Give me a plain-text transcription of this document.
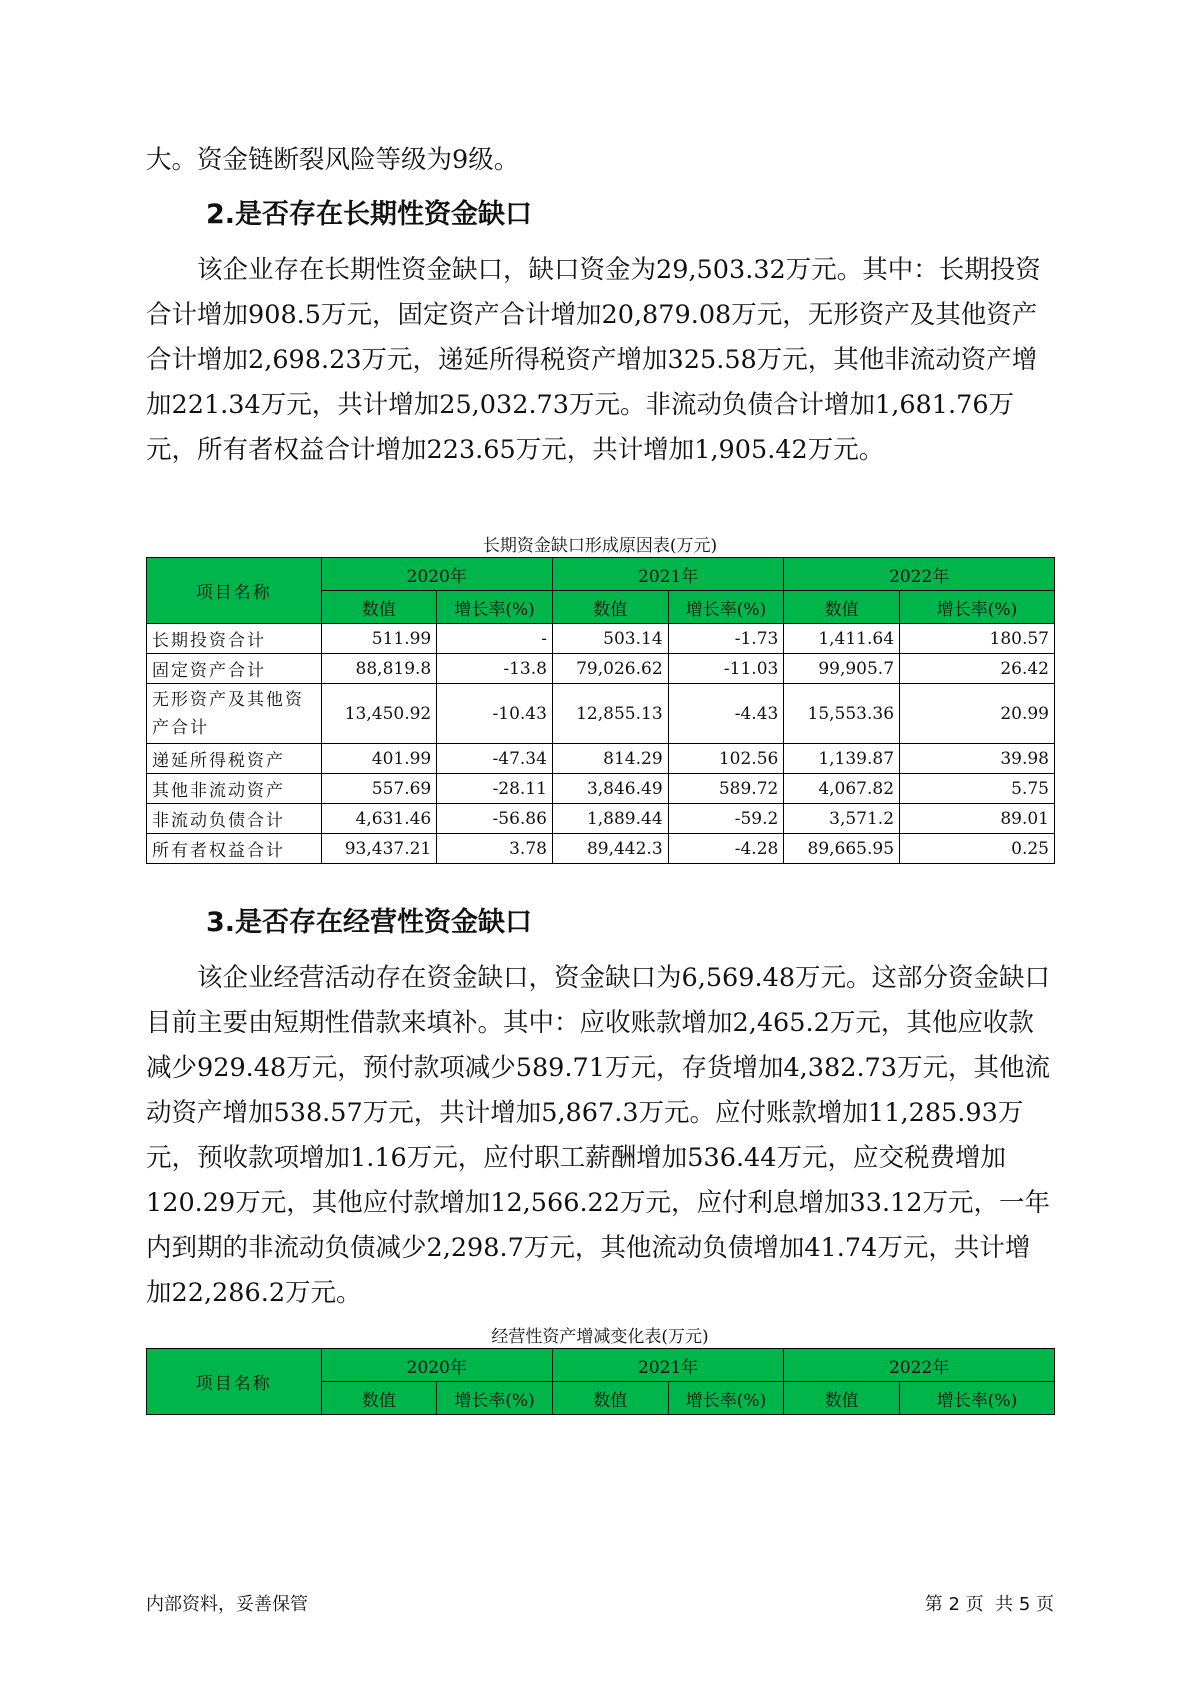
大。资金链断裂风险等级为9级。

2.是否存在长期性资金缺口

该企业存在长期性资金缺口，缺口资金为29,503.32万元。其中：长期投资合计增加908.5万元，固定资产合计增加20,879.08万元，无形资产及其他资产合计增加2,698.23万元，递延所得税资产增加325.58万元，其他非流动资产增加221.34万元，共计增加25,032.73万元。非流动负债合计增加1,681.76万元，所有者权益合计增加223.65万元，共计增加1,905.42万元。

长期资金缺口形成原因表(万元)

项目名称	2020年		2021年		2022年	
	数值	增长率(%)	数值	增长率(%)	数值	增长率(%)
长期投资合计	511.99	-	503.14	-1.73	1,411.64	180.57
固定资产合计	88,819.8	-13.8	79,026.62	-11.03	99,905.7	26.42
无形资产及其他资产合计	13,450.92	-10.43	12,855.13	-4.43	15,553.36	20.99
递延所得税资产	401.99	-47.34	814.29	102.56	1,139.87	39.98
其他非流动资产	557.69	-28.11	3,846.49	589.72	4,067.82	5.75
非流动负债合计	4,631.46	-56.86	1,889.44	-59.2	3,571.2	89.01
所有者权益合计	93,437.21	3.78	89,442.3	-4.28	89,665.95	0.25
3.是否存在经营性资金缺口

该企业经营活动存在资金缺口，资金缺口为6,569.48万元。这部分资金缺口目前主要由短期性借款来填补。其中：应收账款增加2,465.2万元，其他应收款减少929.48万元，预付款项减少589.71万元，存货增加4,382.73万元，其他流动资产增加538.57万元，共计增加5,867.3万元。应付账款增加11,285.93万元，预收款项增加1.16万元，应付职工薪酬增加536.44万元，应交税费增加120.29万元，其他应付款增加12,566.22万元，应付利息增加33.12万元，一年内到期的非流动负债减少2,298.7万元，其他流动负债增加41.74万元，共计增加22,286.2万元。

经营性资产增减变化表(万元)

项目名称	2020年		2021年		2022年	
	数值	增长率(%)	数值	增长率(%)	数值	增长率(%)

内部资料，妥善保管	第 2 页  共 5 页
